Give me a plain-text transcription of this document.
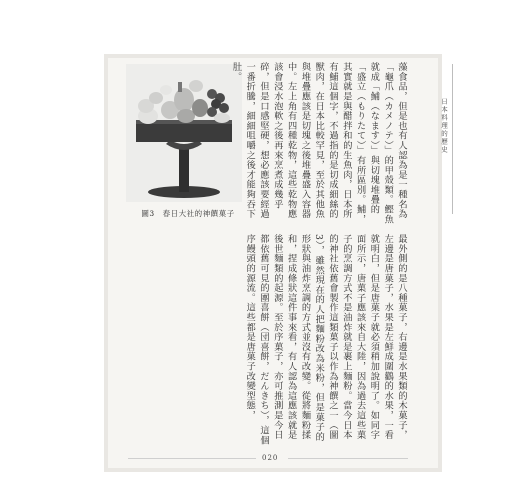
日本料理的歷史
圖3　春日大社的神饌菓子	藻食品，但是也有人認為是一種名為「龜爪（カメノテ）」的甲殼類。鰹魚就成「鯆（なます）」與切塊堆疊的「盛立（もりたて）」有所區別。鯆，其實就是與醋拌和的生魚肉，日本所有鯆這個字，不過指的是切成細絲的獸肉，在日本比較罕見，至於其他魚與堆疊應該是切塊之後堆疊盛入容器中。左上角有四種乾物，這些乾物應該會浸水泡軟之後再來烹煮成幾乎碎，但是口感堅硬，想必應該要經過一番折騰，細細咀嚼之後才能夠吞下肚。

最外側的是八種菓子，右邊是水果類的木菓子，左邊是唐菓子，水果是左鮮成圍鸛的水果，一看就明白，但是唐菓子就必須稍加說明了。如同字面所示，唐菓子應該來自大陸，因為過去這些菓子的烹調方式不是油炸就是裹上麵粉。當今日本的神社依舊會製作這類菓子以作為神饌之一（圖3），雖然現在的人把麵粉改為米粉，但是菓子的形狀與油炸烹調的方式並沒有改變。從將麵粉揉和，捏成條狀這件事來看，有人認為這應該就是後世麵類的起源。至於序菓子，亦可推測是今日都依舊可見的團喜餅（団喜餅，だんきち），這個序饅頭的源流。這些都是唐菓子改變型態，

020
